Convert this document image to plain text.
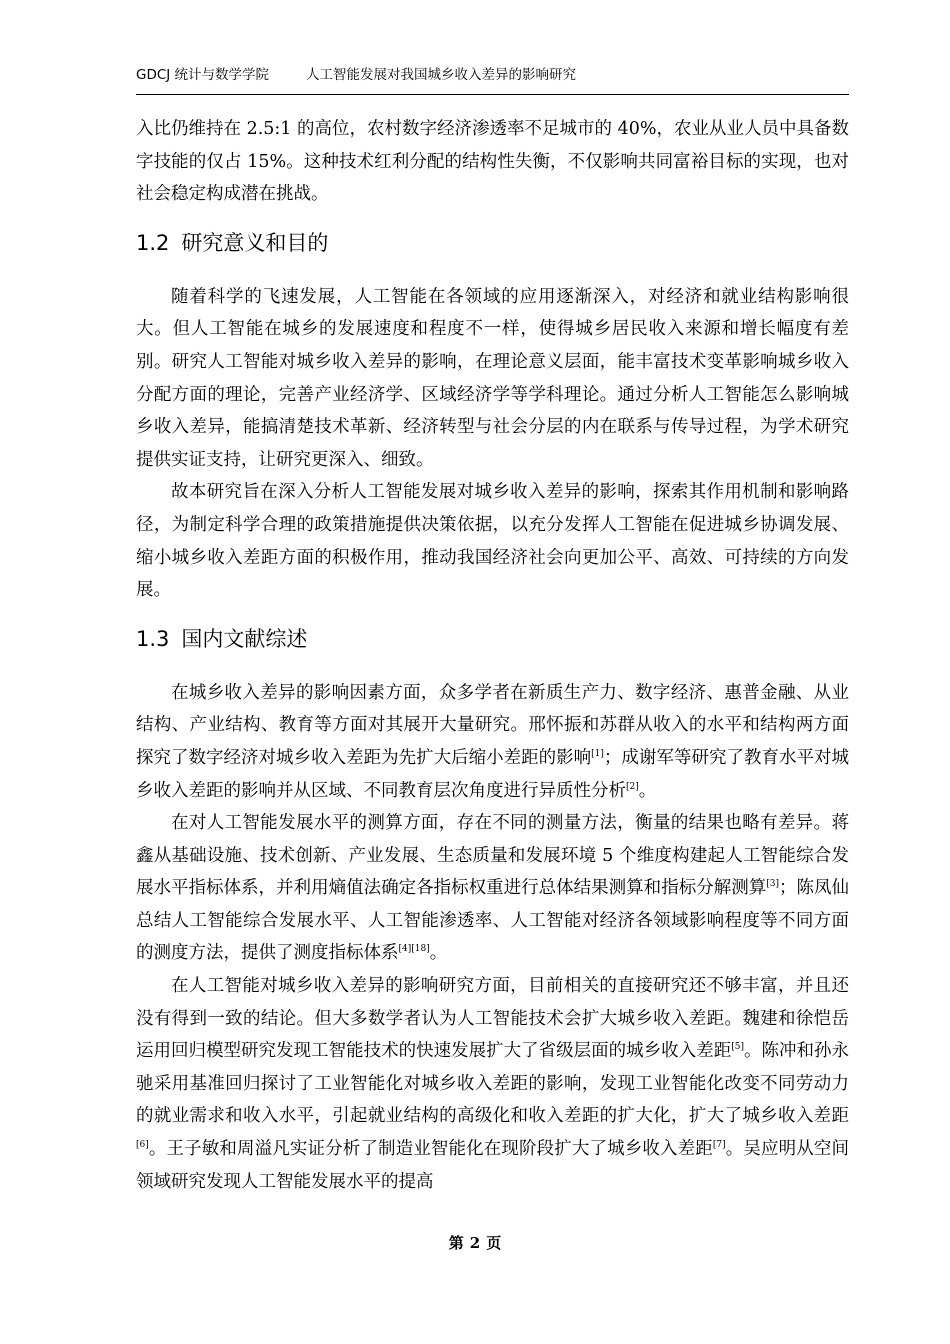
GDCJ 统计与数学学院	人工智能发展对我国城乡收入差异的影响研究

入比仍维持在 2.5:1 的高位，农村数字经济渗透率不足城市的 40%，农业从业人员中具备数字技能的仅占 15%。这种技术红利分配的结构性失衡，不仅影响共同富裕目标的实现，也对社会稳定构成潜在挑战。

1.2 研究意义和目的

随着科学的飞速发展，人工智能在各领域的应用逐渐深入，对经济和就业结构影响很大。但人工智能在城乡的发展速度和程度不一样，使得城乡居民收入来源和增长幅度有差别。研究人工智能对城乡收入差异的影响，在理论意义层面，能丰富技术变革影响城乡收入分配方面的理论，完善产业经济学、区域经济学等学科理论。通过分析人工智能怎么影响城乡收入差异，能搞清楚技术革新、经济转型与社会分层的内在联系与传导过程，为学术研究提供实证支持，让研究更深入、细致。

故本研究旨在深入分析人工智能发展对城乡收入差异的影响，探索其作用机制和影响路径，为制定科学合理的政策措施提供决策依据，以充分发挥人工智能在促进城乡协调发展、缩小城乡收入差距方面的积极作用，推动我国经济社会向更加公平、高效、可持续的方向发展。

1.3 国内文献综述

在城乡收入差异的影响因素方面，众多学者在新质生产力、数字经济、惠普金融、从业结构、产业结构、教育等方面对其展开大量研究。邢怀振和苏群从收入的水平和结构两方面探究了数字经济对城乡收入差距为先扩大后缩小差距的影响[1]；成谢军等研究了教育水平对城乡收入差距的影响并从区域、不同教育层次角度进行异质性分析[2]。

在对人工智能发展水平的测算方面，存在不同的测量方法，衡量的结果也略有差异。蒋鑫从基础设施、技术创新、产业发展、生态质量和发展环境 5 个维度构建起人工智能综合发展水平指标体系，并利用熵值法确定各指标权重进行总体结果测算和指标分解测算[3]；陈凤仙总结人工智能综合发展水平、人工智能渗透率、人工智能对经济各领域影响程度等不同方面的测度方法，提供了测度指标体系[4][18]。

在人工智能对城乡收入差异的影响研究方面，目前相关的直接研究还不够丰富，并且还没有得到一致的结论。但大多数学者认为人工智能技术会扩大城乡收入差距。魏建和徐恺岳运用回归模型研究发现工智能技术的快速发展扩大了省级层面的城乡收入差距[5]。陈冲和孙永驰采用基准回归探讨了工业智能化对城乡收入差距的影响，发现工业智能化改变不同劳动力的就业需求和收入水平，引起就业结构的高级化和收入差距的扩大化，扩大了城乡收入差距[6]。王子敏和周溢凡实证分析了制造业智能化在现阶段扩大了城乡收入差距[7]。吴应明从空间领域研究发现人工智能发展水平的提高

第 2 页
